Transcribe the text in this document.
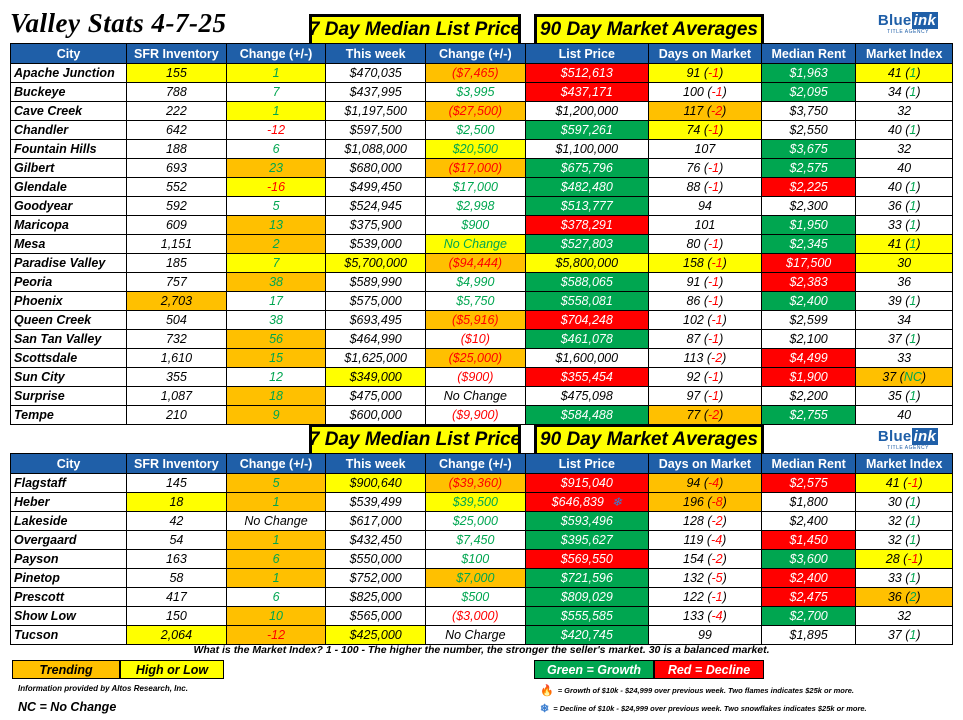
Valley Stats 4-7-25	7 Day Median List Price 90 Day Market Averages	Blue ink
TITLE AGENCY
7 Day Median List Price 90 Day Market Averages	Blue ink
TITLE AGENCY
City	SFR Inventory	Change (+/-)	This week	Change (+/-)	List Price	Days on Market	Median Rent	Market Index
Apache Junction	155	1	$470,035	($7,465)	$512,613	91 (-1)	$1,963	41 (1)
Buckeye	788	7	$437,995	$3,995	$437,171	100 (-1)	$2,095	34 (1)
Cave Creek	222	1	$1,197,500	($27,500)	$1,200,000	117 (-2)	$3,750	32
Chandler	642	-12	$597,500	$2,500	$597,261	74 (-1)	$2,550	40 (1)
Fountain Hills	188	6	$1,088,000	$20,500	$1,100,000	107	$3,675	32
Gilbert	693	23	$680,000	($17,000)	$675,796	76 (-1)	$2,575	40
Glendale	552	-16	$499,450	$17,000	$482,480	88 (-1)	$2,225	40 (1)
Goodyear	592	5	$524,945	$2,998	$513,777	94	$2,300	36 (1)
Maricopa	609	13	$375,900	$900	$378,291	101	$1,950	33 (1)
Mesa	1,151	2	$539,000	No Change	$527,803	80 (-1)	$2,345	41 (1)
Paradise Valley	185	7	$5,700,000	($94,444)	$5,800,000	158 (-1)	$17,500	30
Peoria	757	38	$589,990	$4,990	$588,065	91 (-1)	$2,383	36
Phoenix	2,703	17	$575,000	$5,750	$558,081	86 (-1)	$2,400	39 (1)
Queen Creek	504	38	$693,495	($5,916)	$704,248	102 (-1)	$2,599	34
San Tan Valley	732	56	$464,990	($10)	$461,078	87 (-1)	$2,100	37 (1)
Scottsdale	1,610	15	$1,625,000	($25,000)	$1,600,000	113 (-2)	$4,499	33
Sun City	355	12	$349,000	($900)	$355,454	92 (-1)	$1,900	37 (NC)
Surprise	1,087	18	$475,000	No Change	$475,098	97 (-1)	$2,200	35 (1)
Tempe	210	9	$600,000	($9,900)	$584,488	77 (-2)	$2,755	40
City	SFR Inventory	Change (+/-)	This week	Change (+/-)	List Price	Days on Market	Median Rent	Market Index
Flagstaff	145	5	$900,640	($39,360)	$915,040	94 (-4)	$2,575	41 (-1)
Heber	18	1	$539,499	$39,500	$646,839 ❄	196 (-8)	$1,800	30 (1)
Lakeside	42	No Change	$617,000	$25,000	$593,496	128 (-2)	$2,400	32 (1)
Overgaard	54	1	$432,450	$7,450	$395,627	119 (-4)	$1,450	32 (1)
Payson	163	6	$550,000	$100	$569,550	154 (-2)	$3,600	28 (-1)
Pinetop	58	1	$752,000	$7,000	$721,596	132 (-5)	$2,400	33 (1)
Prescott	417	6	$825,000	$500	$809,029	122 (-1)	$2,475	36 (2)
Show Low	150	10	$565,000	($3,000)	$555,585	133 (-4)	$2,700	32
Tucson	2,064	-12	$425,000	No Charge	$420,745	99	$1,895	37 (1)
What is the Market Index? 1 - 100 - The higher the number, the stronger the seller's market. 30 is a balanced market.
Trending	High or Low	Green = Growth	Red = Decline
Information provided by Altos Research, Inc.
NC = No Change
🔥 = Growth of $10k - $24,999 over previous week. Two flames indicates $25k or more.
❄ = Decline of $10k - $24,999 over previous week. Two snowflakes indicates $25k or more.
